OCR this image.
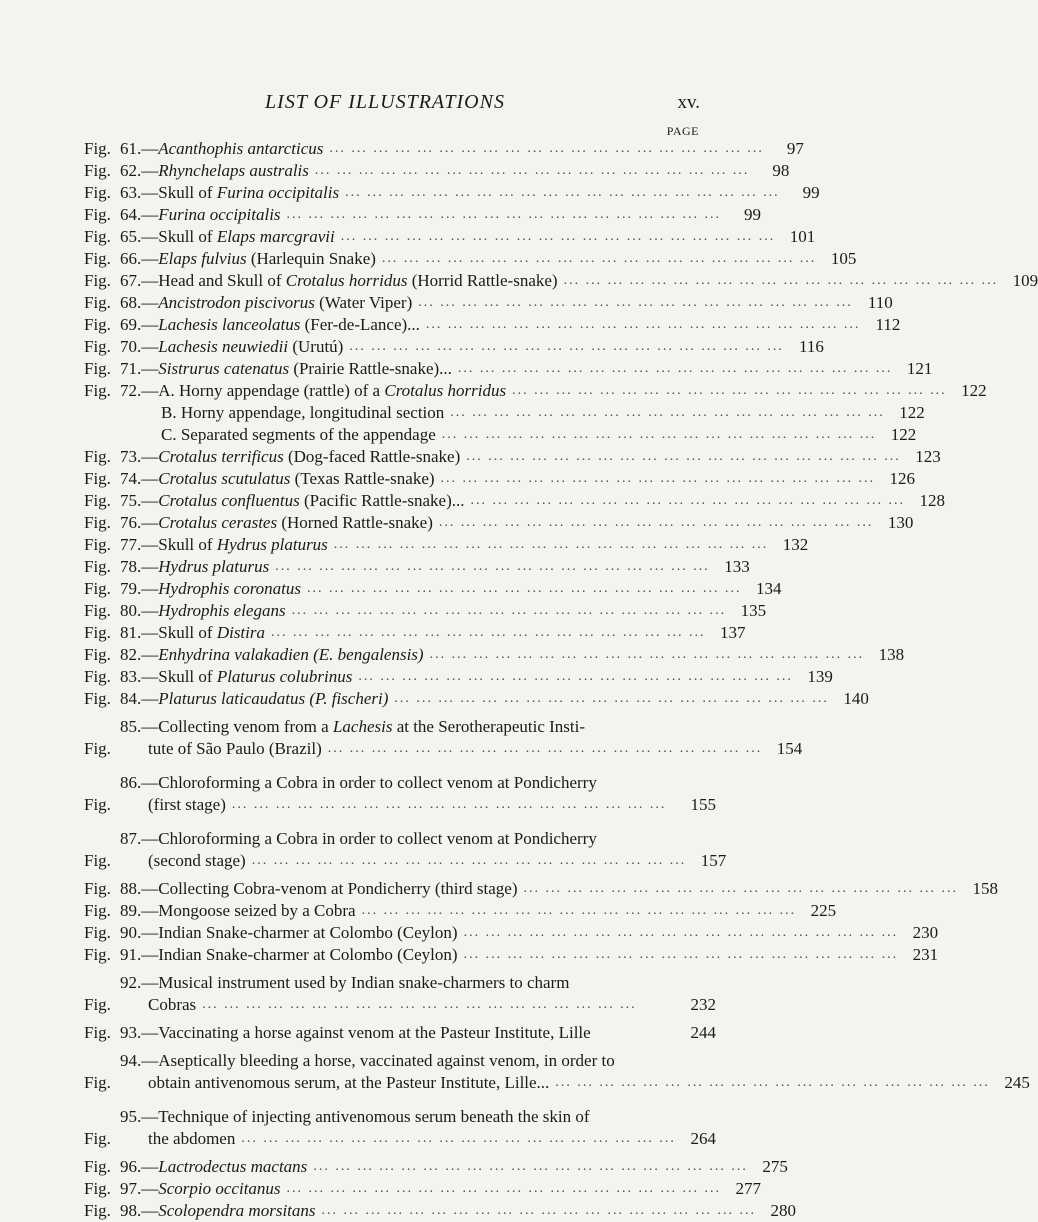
LIST OF ILLUSTRATIONS	xv.
PAGE
Fig. 61.—Acanthophis antarcticus ... .	97
Fig. 62.—Rhynchelaps australis ... .	98
Fig. 63.—Skull of Furina occipitalis ... .	99
Fig. 64.—Furina occipitalis ... .	99
Fig. 65.—Skull of Elaps marcgravii ... .	101
Fig. 66.—Elaps fulvius (Harlequin Snake) ... .	105
Fig. 67.—Head and Skull of Crotalus horridus (Horrid Rattle-snake) ... .	109
Fig. 68.—Ancistrodon piscivorus (Water Viper) ... .	110
Fig. 69.—Lachesis lanceolatus (Fer-de-Lance)... ... .	112
Fig. 70.—Lachesis neuwiedii (Urutú) ... .	116
Fig. 71.—Sistrurus catenatus (Prairie Rattle-snake)... ... .	121
Fig. 72.—A. Horny appendage (rattle) of a Crotalus horridus ... .	122
B. Horny appendage, longitudinal section ... .	122
C. Separated segments of the appendage ... .	122
Fig. 73.—Crotalus terrificus (Dog-faced Rattle-snake) ... .	123
Fig. 74.—Crotalus scutulatus (Texas Rattle-snake) ... .	126
Fig. 75.—Crotalus confluentus (Pacific Rattle-snake)... ... .	128
Fig. 76.—Crotalus cerastes (Horned Rattle-snake) ... .	130
Fig. 77.—Skull of Hydrus platurus ... .	132
Fig. 78.—Hydrus platurus ... .	133
Fig. 79.—Hydrophis coronatus ... .	134
Fig. 80.—Hydrophis elegans ... .	135
Fig. 81.—Skull of Distira ... .	137
Fig. 82.—Enhydrina valakadien (E. bengalensis) ... .	138
Fig. 83.—Skull of Platurus colubrinus ... .	139
Fig. 84.—Platurus laticaudatus (P. fischeri) ... .	140
Fig.
85.—Collecting venom from a Lachesis at the Serotherapeutic Insti-
tute of São Paulo (Brazil) ... .	154
Fig.
86.—Chloroforming a Cobra in order to collect venom at Pondicherry
(first stage) ... .	155
Fig.
87.—Chloroforming a Cobra in order to collect venom at Pondicherry
(second stage) ... .	157
Fig. 88.—Collecting Cobra-venom at Pondicherry (third stage) ... .	158
Fig. 89.—Mongoose seized by a Cobra ... .	225
Fig. 90.—Indian Snake-charmer at Colombo (Ceylon) ... .	230
Fig. 91.—Indian Snake-charmer at Colombo (Ceylon) ... .	231
Fig.
92.—Musical instrument used by Indian snake-charmers to charm
Cobras ... .	232
Fig. 93.—Vaccinating a horse against venom at the Pasteur Institute, Lille	244
Fig.
94.—Aseptically bleeding a horse, vaccinated against venom, in order to
obtain antivenomous serum, at the Pasteur Institute, Lille... ... .	245
Fig.
95.—Technique of injecting antivenomous serum beneath the skin of
the abdomen ... .	264
Fig. 96.—Lactrodectus mactans ... .	275
Fig. 97.—Scorpio occitanus ... .	277
Fig. 98.—Scolopendra morsitans ... .	280
